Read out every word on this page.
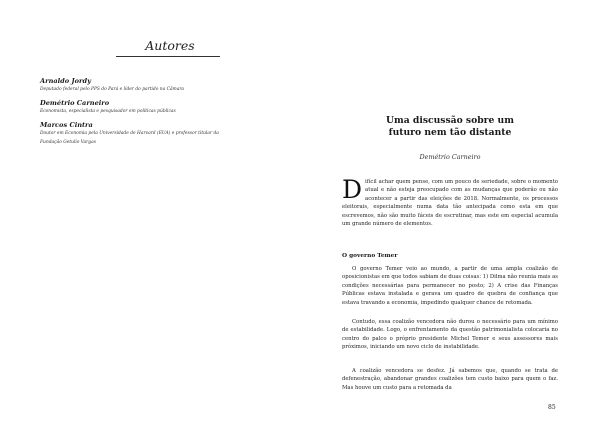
Autores

Arnaldo Jordy

Deputado federal pelo PPS do Pará e líder do partido na Câmara

Demétrio Carneiro

Economista, especialista e pesquisador em políticas públicas

Marcos Cintra

Doutor em Economia pela Universidade de Harvard (EUA) e professor titular da

Fundação Getulio Vargas

Uma discussão sobre um
futuro nem tão distante

Demétrio Carneiro

Difícil achar quem pense, com um pouco de seriedade, sobre o momento atual e não esteja preocupado com as mudanças que poderão ou não acontecer a partir das eleições de 2018. Normalmente, os processos eleitorais, especialmente numa data tão antecipada como esta em que escrevemos, não são muito fáceis de escrutinar, mas este em especial acumula um grande número de elementos.

O governo Temer

O governo Temer veio ao mundo, a partir de uma ampla coalizão de oposicionistas em que todos sabiam de duas coisas: 1) Dilma não reunia mais as condições necessárias para permanecer no posto; 2) A crise das Finanças Públicas estava instalada e gerava um quadro de quebra de confiança que estava travando a economia, impedindo qualquer chance de retomada.

Contudo, essa coalizão vencedora não durou o necessário para um mínimo de estabilidade. Logo, o enfrentamento da questão patrimonialista colocaria no centro do palco o próprio presidente Michel Temer e seus assessores mais próximos, iniciando um novo ciclo de instabilidade.

A coalizão vencedora se desfez. Já sabemos que, quando se trata de defenestração, abandonar grandes coalizões tem custo baixo para quem o faz. Mas houve um custo para a retomada da

85
